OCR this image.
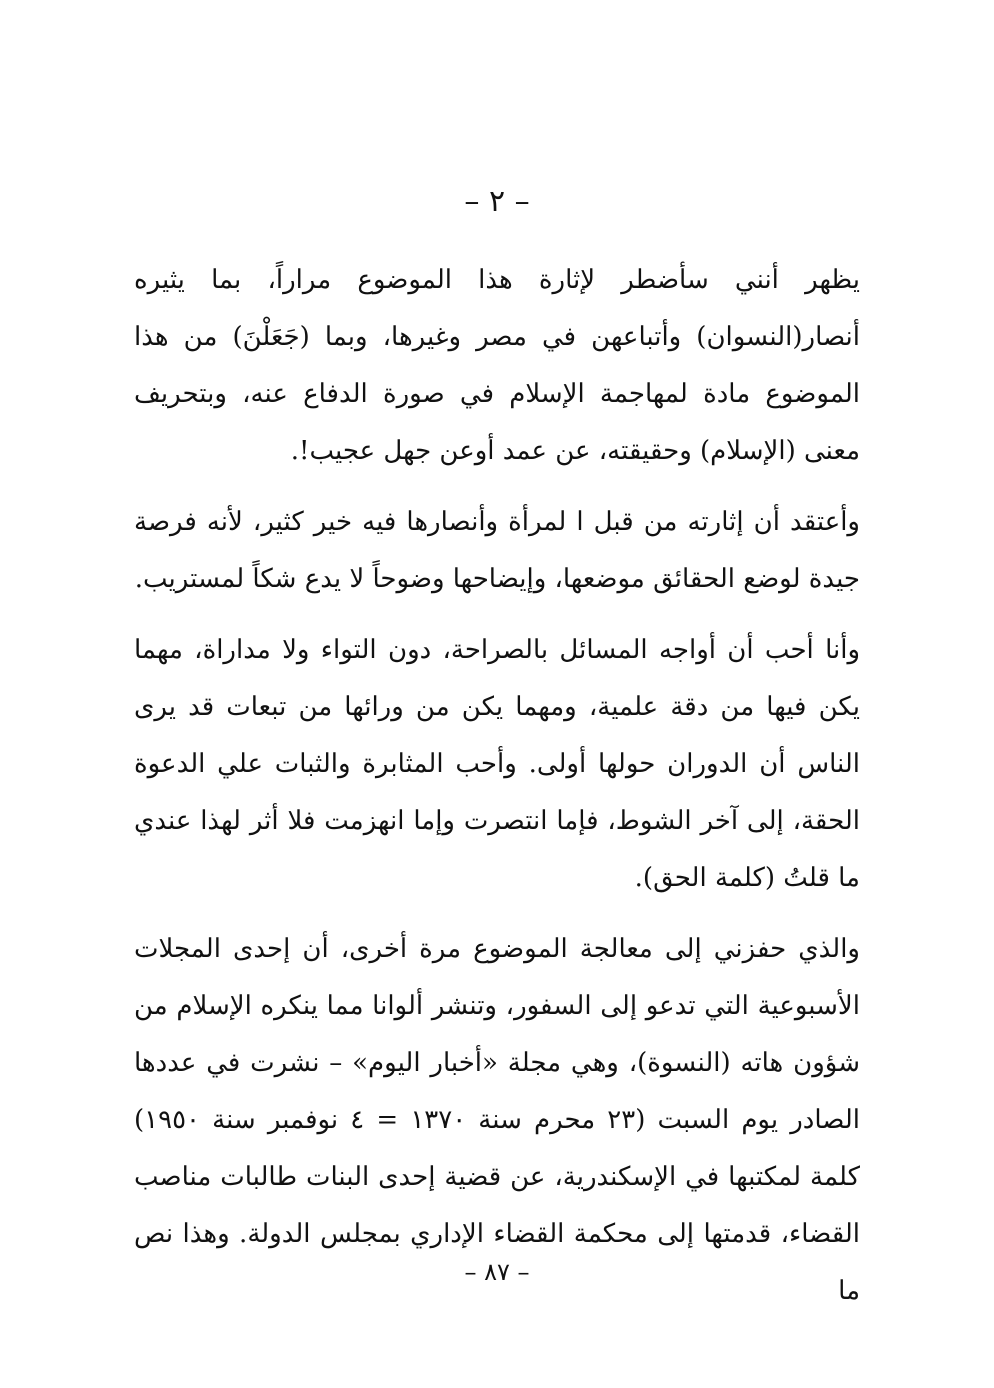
– ٢ –

يظهر أنني سأضطر لإثارة هذا الموضوع مراراً، بما يثيره أنصار(النسوان) وأتباعهن في مصر وغيرها، وبما (جَعَلْنَ) من هذا الموضوع مادة لمهاجمة الإسلام في صورة الدفاع عنه، وبتحريف معنى (الإسلام) وحقيقته، عن عمد أوعن جهل عجيب!.

وأعتقد أن إثارته من قبل ا لمرأة وأنصارها فيه خير كثير، لأنه فرصة جيدة لوضع الحقائق موضعها، وإيضاحها وضوحاً لا يدع شكاً لمستريب.

وأنا أحب أن أواجه المسائل بالصراحة، دون التواء ولا مداراة، مهما يكن فيها من دقة علمية، ومهما يكن من ورائها من تبعات قد يرى الناس أن الدوران حولها أولى. وأحب المثابرة والثبات علي الدعوة الحقة، إلى آخر الشوط، فإما انتصرت وإما انهزمت فلا أثر لهذا عندي ما قلتُ (كلمة الحق).

والذي حفزني إلى معالجة الموضوع مرة أخرى، أن إحدى المجلات الأسبوعية التي تدعو إلى السفور، وتنشر ألوانا مما ينكره الإسلام من شؤون هاته (النسوة)، وهي مجلة «أخبار اليوم» – نشرت في عددها الصادر يوم السبت (٢٣ محرم سنة ١٣٧٠ = ٤ نوفمبر سنة ١٩٥٠) كلمة لمكتبها في الإسكندرية، عن قضية إحدى البنات طالبات مناصب القضاء، قدمتها إلى محكمة القضاء الإداري بمجلس الدولة. وهذا نص ما

– ٨٧ –
